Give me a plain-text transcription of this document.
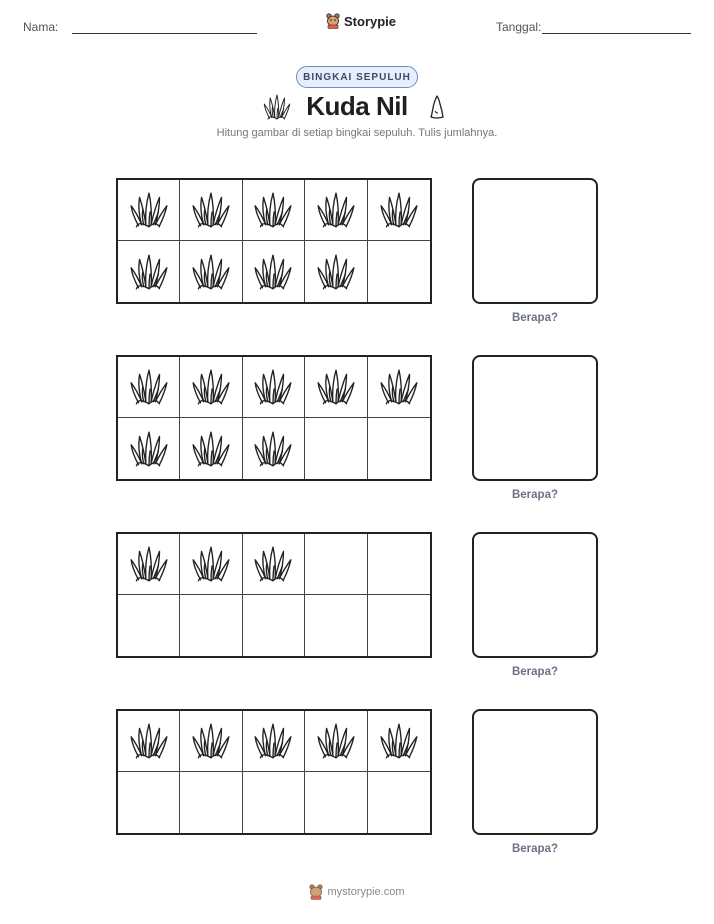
Nama:	Storypie	Tanggal:
BINGKAI SEPULUH
Kuda Nil
Hitung gambar di setiap bingkai sepuluh. Tulis jumlahnya.
Berapa?
Berapa?
Berapa?
Berapa?
mystorypie.com
